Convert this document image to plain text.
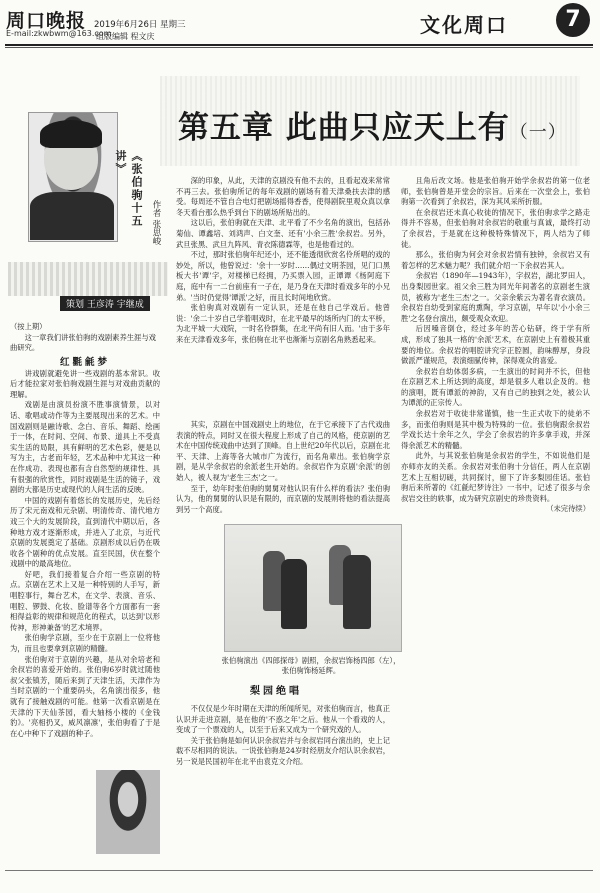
周口晚报
E-mail:zkwbwm@163.com
2019年6月26日 星期三
组版编辑 程文庆	文化周口	7
第五章 此曲只应天上有（一）
《张伯驹十五讲》
作者 张思峻
策划 王彦涛 宇继成
（按上期）
这一章我们讲张伯驹的戏剧素养生涯与戏曲研究。

红氍毹梦

讲戏剧就避免讲一些戏剧的基本常识。收后才能拉家对张伯驹戏剧生涯与对戏曲贡献的理解。

戏剧是由演员扮演不胜事演情景，以对话、歌唱或动作等为主要展现出来的艺术。中国戏剧则是融诗歌、念白、音乐、舞蹈、绘画于一体，在时间、空间、布景、道具上不受真实生活的局限，具有鲜明的艺术色彩，便是以写为主，古老而年轻，艺术品种中尤其这一种在作成功、表现也都有含自然型的规律性、具有很强的欣赏性，同时戏剧是生活的镜子，戏剧的大都是历史或现代的人间生活的反映。

中国的戏剧有着悠长的发展历史，先后经历了宋元南戏和元杂剧、明清传奇、清代地方戏三个大的发展阶段，直到清代中期以后，各种地方戏才逐渐形成，并进入了北京，与近代京剧的发展奠定了基础。京剧形成以后仍在吸收各个剧种的优点发展。直至民国，伏在整个戏剧中的最高地位。

好吧，我们接着复合介绍一些京剧的特点。京剧在艺术上又是一种特别的人手写，新唱腔事行，舞台艺术，在文学、表演、音乐、唱腔、锣鼓、化妆、脸谱等各个方面都有一套相得益彰的规律和规范化的程式，以达到'以形传神，形神兼备'的艺术境界。

张伯驹学京剧，至少在于京剧上一位将他为，而且也要拿到京剧的精髓。

张伯驹对于京剧的兴趣，是从对余培老和余叔岩的喜爱开始的。张伯驹6岁时就过随他叔父张镇芳，随后来到了天津生活，天津作为当时京剧的一个重要码头，名角演出很多，他就有了接触戏剧的可能。他第一次看京剧是在天津的下天仙茶园，看大轴杨小楼的《金钱豹》。'亮相扔叉，威风凛凛'，张伯驹看了于是在心中种下了戏剧的种子。

深的印象，从此，天津的京剧没有他不去的，且看起戏来常常不再三去。张伯驹所记的每年戏剧的剧场有着天津桑扶去津的感受。每周还不管自合电灯把剧场摇得香香，使得剧院里观众真以拿冬天看台那么热乎到台下的剧场所贴出的。

这以后，张伯驹就在天津、北平看了不少名角的演出，包括孙菊仙、谭鑫培、刘鸿声、白文奎、还有'小余三胜'余叔岩。另外，武旦张黑、武旦九阵风、青衣陈德霖等，也是他看过的。

不过，那时张伯驹年纪还小，还不能透彻欣赏名伶所唱的戏的妙处，所以，他曾说过：'余十一岁时……偶过文明茶园，见门口黑板大书'谭'字，对楼梯已经拥，乃买票入园，正谭谭《杨阿庭下庭，庭中有一二台前座有一子在，是乃身在天津时看戏多年的小兄弟。'当时仍觉得'谭派'之好，而且长时间地欣赏。

张伯驹真对戏剧有一定认识，还是在他自己学戏后。他曾说：'余二十岁自己学着唱戏时，在北平最早的场所内门的太平桥，为北平城一大戏院，一时名伶群集，在北平尚有旧人而。'由于多年来在天津看戏多年，张伯驹在北平也渐渐与京剧名角熟悉起来。

其实，京剧在中国戏剧史上的地位，在于它承接下了古代戏曲表演的特点，同时又在很大程度上形成了自己的风格，使京剧的艺术在中国传统戏曲中达到了顶峰。自上世纪20年代以后，京剧在北平、天津、上海等各大城市广为流行，而名角辈出。张伯驹学京剧，是从学余叔岩的余派老生开始的。余叔岩作为京剧'余派'的创始人，被人视为'老生三杰'之一。

至于，幼年时张伯驹的舅舅对他认识有什么样的看法？张伯驹认为，他的舅舅的认识是有限的，而京剧的发展则将他的看法提高到另一个高度。

张伯驹演出《四郎探母》剧照，余叔岩饰杨四郎（左），张伯驹饰杨延辉。
梨园绝唱

不仅仅是少年时期在天津的所闻所见，对张伯驹而言，他真正认识并走进京剧，是在他的'不惑之年'之后。他从一个看戏的人，变成了一个票戏的人，以至于后来又成为一个研究戏的人。

关于张伯驹是如何认识余叔岩并与余叔岩同台演出的，史上记载不尽相同的说法。一说张伯驹是24岁时经朋友介绍认识余叔岩，另一说是民国初年在北平由袁克文介绍。

且角后改文场。他是张伯驹开始学余叔岩的第一位老师，张伯驹曾是开堂会的宗旨。后来在一次堂会上，张伯驹第一次看到了余叔岩，深为其风采所折服。

在余叔岩还未真心收徒的情况下，张伯驹求学之路走得并不容易，但张伯驹对余叔岩的敬重与真诚，最终打动了余叔岩，于是就在这种极特殊情况下，两人结为了师徒。

那么，张伯驹为何会对余叔岩情有独钟，余叔岩又有着怎样的艺术魅力呢？我们就介绍一下余叔岩其人。

余叔岩（1890年—1943年），字叔岩，湖北罗田人，出身梨园世家。祖父余三胜为同光年间著名的京剧老生演员，被称为'老生三杰'之一。父亲余紫云为著名青衣演员。余叔岩自幼受到家庭的熏陶，学习京剧，早年以'小小余三胜'之名登台演出，颇受观众欢迎。

后因嗓音倒仓，经过多年的苦心钻研，终于学有所成，形成了独具一格的'余派'艺术，在京剧史上有着极其重要的地位。余叔岩的唱腔讲究字正腔圆，韵味醇厚，身段做派严谨规范，表演细腻传神，深得观众的喜爱。

余叔岩自幼体弱多病，一生演出的时间并不长，但他在京剧艺术上所达到的高度，却是很多人难以企及的。他的演唱，既有谭派的神韵，又有自己的独到之处，被公认为谭派的正宗传人。

余叔岩对于收徒非常谨慎，他一生正式收下的徒弟不多，而张伯驹则是其中极为特殊的一位。张伯驹跟余叔岩学戏长达十余年之久，学会了余叔岩的许多拿手戏，并深得余派艺术的精髓。

此外，与其说张伯驹是余叔岩的学生，不如说他们是亦师亦友的关系。余叔岩对张伯驹十分信任，两人在京剧艺术上互相切磋，共同探讨，留下了许多梨园佳话。张伯驹后来所著的《红毹纪梦诗注》一书中，记述了很多与余叔岩交往的轶事，成为研究京剧史的珍贵资料。

（未完待续）
